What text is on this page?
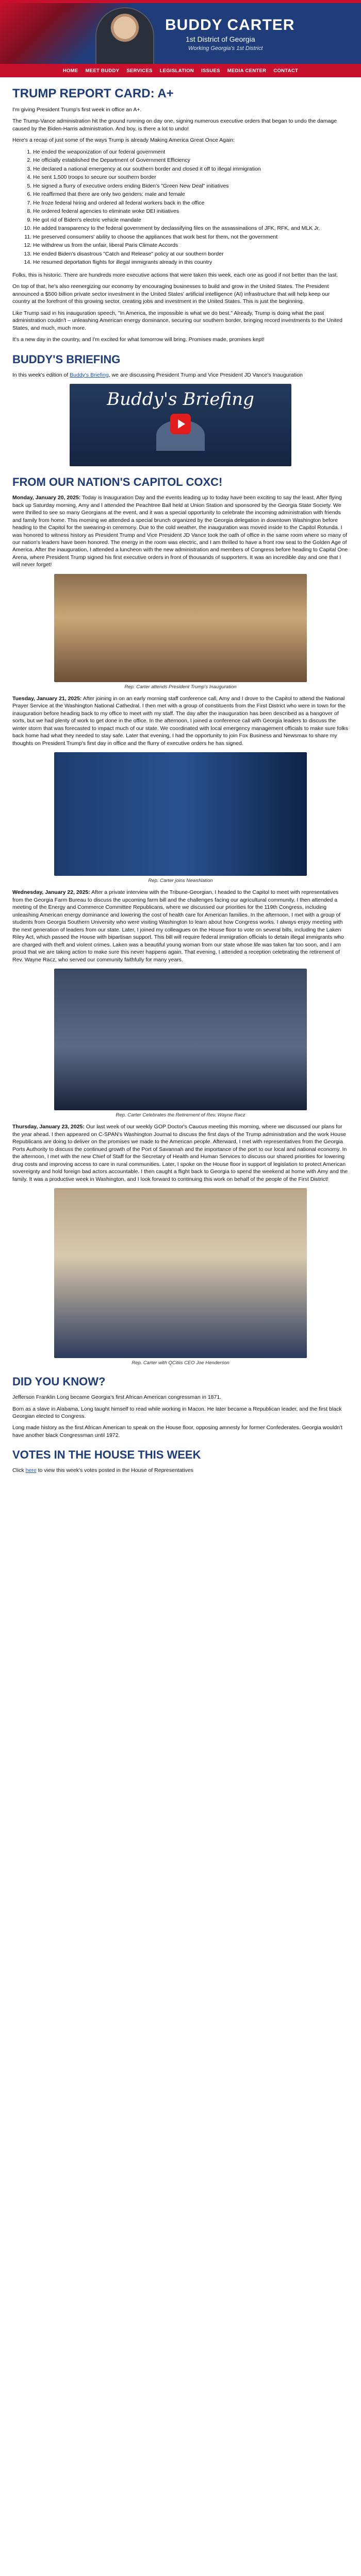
BUDDY CARTER
1st District of Georgia
Working Georgia's 1st District
HOME MEET BUDDY SERVICES LEGISLATION ISSUES MEDIA CENTER CONTACT
TRUMP REPORT CARD: A+

I'm giving President Trump's first week in office an A+.

The Trump-Vance administration hit the ground running on day one, signing numerous executive orders that began to undo the damage caused by the Biden-Harris administration. And boy, is there a lot to undo!

Here's a recap of just some of the ways Trump is already Making America Great Once Again:

1. He ended the weaponization of our federal government
2. He officially established the Department of Government Efficiency
3. He declared a national emergency at our southern border and closed it off to illegal immigration
4. He sent 1,500 troops to secure our southern border
5. He signed a flurry of executive orders ending Biden's "Green New Deal" initiatives
6. He reaffirmed that there are only two genders: male and female
7. He froze federal hiring and ordered all federal workers back in the office
8. He ordered federal agencies to eliminate woke DEI initiatives
9. He got rid of Biden's electric vehicle mandate
10. He added transparency to the federal government by declassifying files on the assassinations of JFK, RFK, and MLK Jr.
11. He preserved consumers' ability to choose the appliances that work best for them, not the government
12. He withdrew us from the unfair, liberal Paris Climate Accords
13. He ended Biden's disastrous "Catch and Release" policy at our southern border
14. He resumed deportation flights for illegal immigrants already in this country

Folks, this is historic. There are hundreds more executive actions that were taken this week, each one as good if not better than the last.

On top of that, he's also reenergizing our economy by encouraging businesses to build and grow in the United States. The President announced a $500 billion private sector investment in the United States' artificial intelligence (AI) infrastructure that will help keep our country at the forefront of this growing sector, creating jobs and investment in the United States. This is just the beginning.

Like Trump said in his inauguration speech, "In America, the impossible is what we do best." Already, Trump is doing what the past administration couldn't – unleashing American energy dominance, securing our southern border, bringing record investments to the United States, and much, much more.

It's a new day in the country, and I'm excited for what tomorrow will bring. Promises made, promises kept!

BUDDY'S BRIEFING

In this week's edition of Buddy's Briefing, we are discussing President Trump and Vice President JD Vance's Inauguration

Buddy's Briefing
FROM OUR NATION'S CAPITOL COXC!

Monday, January 20, 2025: Today is Inauguration Day and the events leading up to today have been exciting to say the least. After flying back up Saturday morning, Amy and I attended the Peachtree Ball held at Union Station and sponsored by the Georgia State Society. We were thrilled to see so many Georgians at the event, and it was a special opportunity to celebrate the incoming administration with friends and family from home. This morning we attended a special brunch organized by the Georgia delegation in downtown Washington before heading to the Capitol for the swearing-in ceremony. Due to the cold weather, the inauguration was moved inside to the Capitol Rotunda. I was honored to witness history as President Trump and Vice President JD Vance took the oath of office in the same room where so many of our nation's leaders have been honored. The energy in the room was electric, and I am thrilled to have a front row seat to the Golden Age of America. After the inauguration, I attended a luncheon with the new administration and members of Congress before heading to Capital One Arena, where President Trump signed his first executive orders in front of thousands of supporters. It was an incredible day and one that I will never forget!

Rep. Carter attends President Trump's Inauguration

Tuesday, January 21, 2025: After joining in on an early morning staff conference call, Amy and I drove to the Capitol to attend the National Prayer Service at the Washington National Cathedral. I then met with a group of constituents from the First District who were in town for the inauguration before heading back to my office to meet with my staff. The day after the inauguration has been described as a hangover of sorts, but we had plenty of work to get done in the office. In the afternoon, I joined a conference call with Georgia leaders to discuss the winter storm that was forecasted to impact much of our state. We coordinated with local emergency management officials to make sure folks back home had what they needed to stay safe. Later that evening, I had the opportunity to join Fox Business and Newsmax to share my thoughts on President Trump's first day in office and the flurry of executive orders he has signed.

Rep. Carter joins NewsNation

Wednesday, January 22, 2025: After a private interview with the Tribune-Georgian, I headed to the Capitol to meet with representatives from the Georgia Farm Bureau to discuss the upcoming farm bill and the challenges facing our agricultural community. I then attended a meeting of the Energy and Commerce Committee Republicans, where we discussed our priorities for the 119th Congress, including unleashing American energy dominance and lowering the cost of health care for American families. In the afternoon, I met with a group of students from Georgia Southern University who were visiting Washington to learn about how Congress works. I always enjoy meeting with the next generation of leaders from our state. Later, I joined my colleagues on the House floor to vote on several bills, including the Laken Riley Act, which passed the House with bipartisan support. This bill will require federal immigration officials to detain illegal immigrants who are charged with theft and violent crimes. Laken was a beautiful young woman from our state whose life was taken far too soon, and I am proud that we are taking action to make sure this never happens again. That evening, I attended a reception celebrating the retirement of Rev. Wayne Racz, who served our community faithfully for many years.

Rep. Carter Celebrates the Retirement of Rev. Wayne Racz

Thursday, January 23, 2025: Our last week of our weekly GOP Doctor's Caucus meeting this morning, where we discussed our plans for the year ahead. I then appeared on C-SPAN's Washington Journal to discuss the first days of the Trump administration and the work House Republicans are doing to deliver on the promises we made to the American people. Afterward, I met with representatives from the Georgia Ports Authority to discuss the continued growth of the Port of Savannah and the importance of the port to our local and national economy. In the afternoon, I met with the new Chief of Staff for the Secretary of Health and Human Services to discuss our shared priorities for lowering drug costs and improving access to care in rural communities. Later, I spoke on the House floor in support of legislation to protect American sovereignty and hold foreign bad actors accountable. I then caught a flight back to Georgia to spend the weekend at home with Amy and the family. It was a productive week in Washington, and I look forward to continuing this work on behalf of the people of the First District!

Rep. Carter with QCitiis CEO Joe Henderson
DID YOU KNOW?

Jefferson Franklin Long became Georgia's first African American congressman in 1871.

Born as a slave in Alabama, Long taught himself to read while working in Macon. He later became a Republican leader, and the first black Georgian elected to Congress.

Long made history as the first African American to speak on the House floor, opposing amnesty for former Confederates. Georgia wouldn't have another black Congressman until 1972.

VOTES IN THE HOUSE THIS WEEK

Click here to view this week's votes posted in the House of Representatives
